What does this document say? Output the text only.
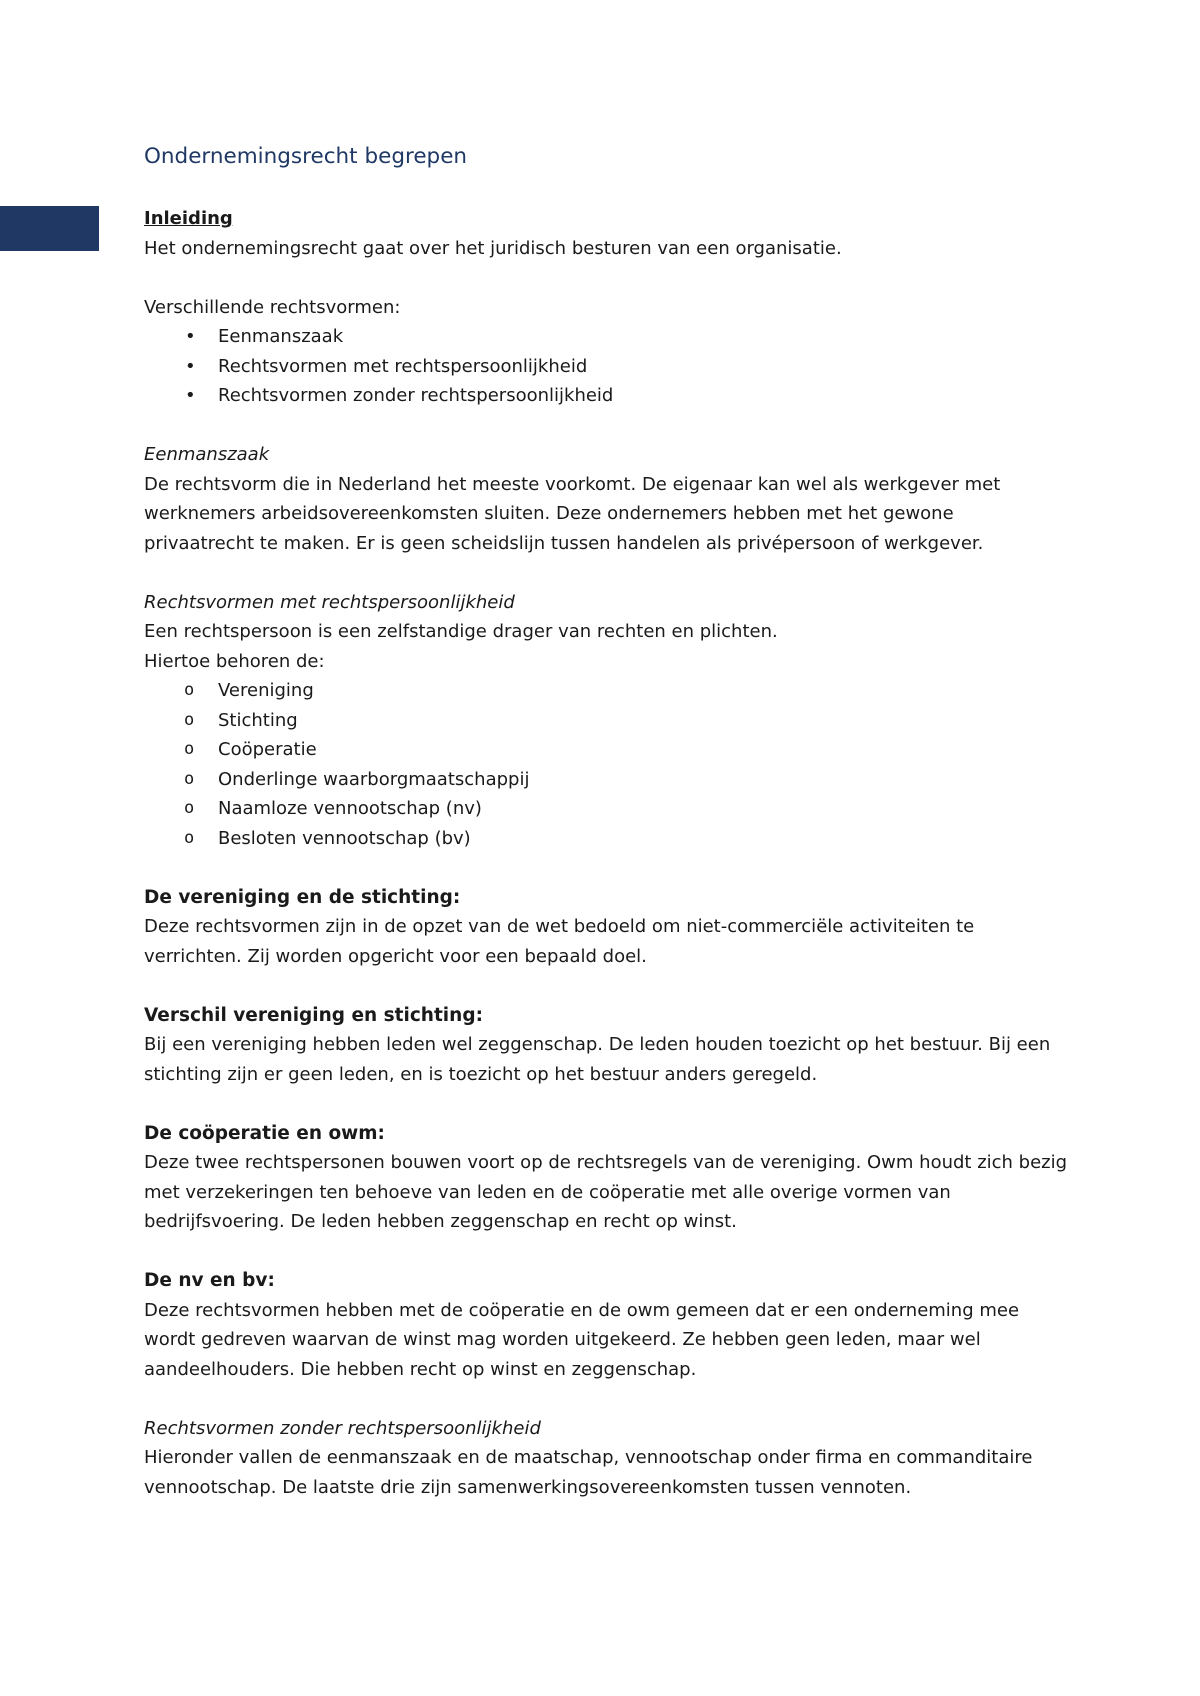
Ondernemingsrecht begrepen
Inleiding

Het ondernemingsrecht gaat over het juridisch besturen van een organisatie.

Verschillende rechtsvormen:

• Eenmanszaak
• Rechtsvormen met rechtspersoonlijkheid
• Rechtsvormen zonder rechtspersoonlijkheid

Eenmanszaak

De rechtsvorm die in Nederland het meeste voorkomt. De eigenaar kan wel als werkgever met

werknemers arbeidsovereenkomsten sluiten. Deze ondernemers hebben met het gewone

privaatrecht te maken. Er is geen scheidslijn tussen handelen als privépersoon of werkgever.

Rechtsvormen met rechtspersoonlijkheid

Een rechtspersoon is een zelfstandige drager van rechten en plichten.

Hiertoe behoren de:

o Vereniging
o Stichting
o Coöperatie
o Onderlinge waarborgmaatschappij
o Naamloze vennootschap (nv)
o Besloten vennootschap (bv)
De vereniging en de stichting:

Deze rechtsvormen zijn in de opzet van de wet bedoeld om niet-commerciële activiteiten te

verrichten. Zij worden opgericht voor een bepaald doel.

Verschil vereniging en stichting:

Bij een vereniging hebben leden wel zeggenschap. De leden houden toezicht op het bestuur. Bij een

stichting zijn er geen leden, en is toezicht op het bestuur anders geregeld.

De coöperatie en owm:

Deze twee rechtspersonen bouwen voort op de rechtsregels van de vereniging. Owm houdt zich bezig

met verzekeringen ten behoeve van leden en de coöperatie met alle overige vormen van

bedrijfsvoering. De leden hebben zeggenschap en recht op winst.

De nv en bv:

Deze rechtsvormen hebben met de coöperatie en de owm gemeen dat er een onderneming mee

wordt gedreven waarvan de winst mag worden uitgekeerd. Ze hebben geen leden, maar wel

aandeelhouders. Die hebben recht op winst en zeggenschap.

Rechtsvormen zonder rechtspersoonlijkheid

Hieronder vallen de eenmanszaak en de maatschap, vennootschap onder firma en commanditaire

vennootschap. De laatste drie zijn samenwerkingsovereenkomsten tussen vennoten.
